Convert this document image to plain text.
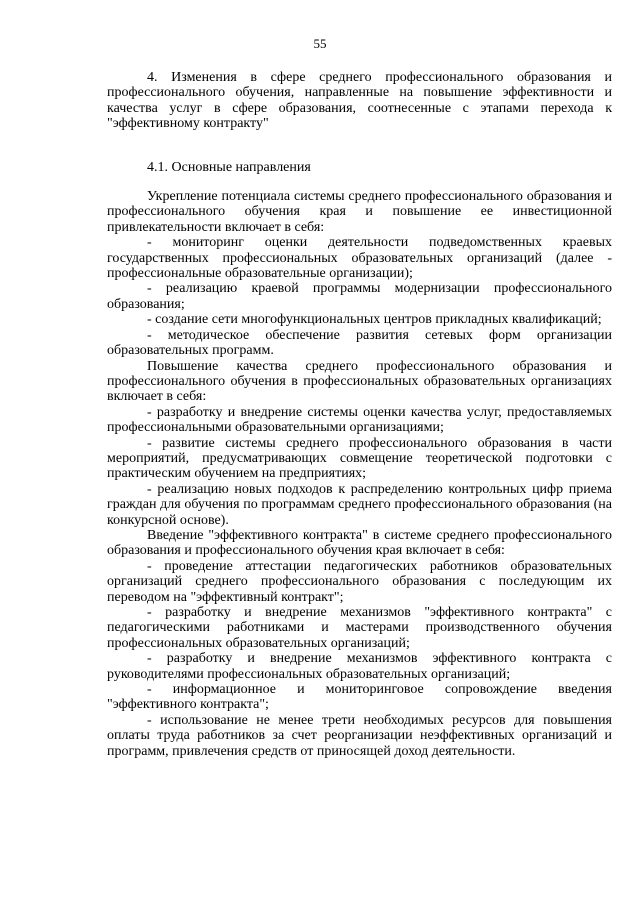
55

4. Изменения в сфере среднего профессионального образования и профессионального обучения, направленные на повышение эффективности и качества услуг в сфере образования, соотнесенные с этапами перехода к "эффективному контракту"

4.1. Основные направления

Укрепление потенциала системы среднего профессионального образования и профессионального обучения края и повышение ее инвестиционной привлекательности включает в себя:

- мониторинг оценки деятельности подведомственных краевых государственных профессиональных образовательных организаций (далее - профессиональные образовательные организации);

- реализацию краевой программы модернизации профессионального образования;

- создание сети многофункциональных центров прикладных квалификаций;

- методическое обеспечение развития сетевых форм организации образовательных программ.

Повышение качества среднего профессионального образования и профессионального обучения в профессиональных образовательных организациях включает в себя:

- разработку и внедрение системы оценки качества услуг, предоставляемых профессиональными образовательными организациями;

- развитие системы среднего профессионального образования в части мероприятий, предусматривающих совмещение теоретической подготовки с практическим обучением на предприятиях;

- реализацию новых подходов к распределению контрольных цифр приема граждан для обучения по программам среднего профессионального образования (на конкурсной основе).

Введение "эффективного контракта" в системе среднего профессионального образования и профессионального обучения края включает в себя:

- проведение аттестации педагогических работников образовательных организаций среднего профессионального образования с последующим их переводом на "эффективный контракт";

- разработку и внедрение механизмов "эффективного контракта" с педагогическими работниками и мастерами производственного обучения профессиональных образовательных организаций;

- разработку и внедрение механизмов эффективного контракта с руководителями профессиональных образовательных организаций;

- информационное и мониторинговое сопровождение введения "эффективного контракта";

- использование не менее трети необходимых ресурсов для повышения оплаты труда работников за счет реорганизации неэффективных организаций и программ, привлечения средств от приносящей доход деятельности.
